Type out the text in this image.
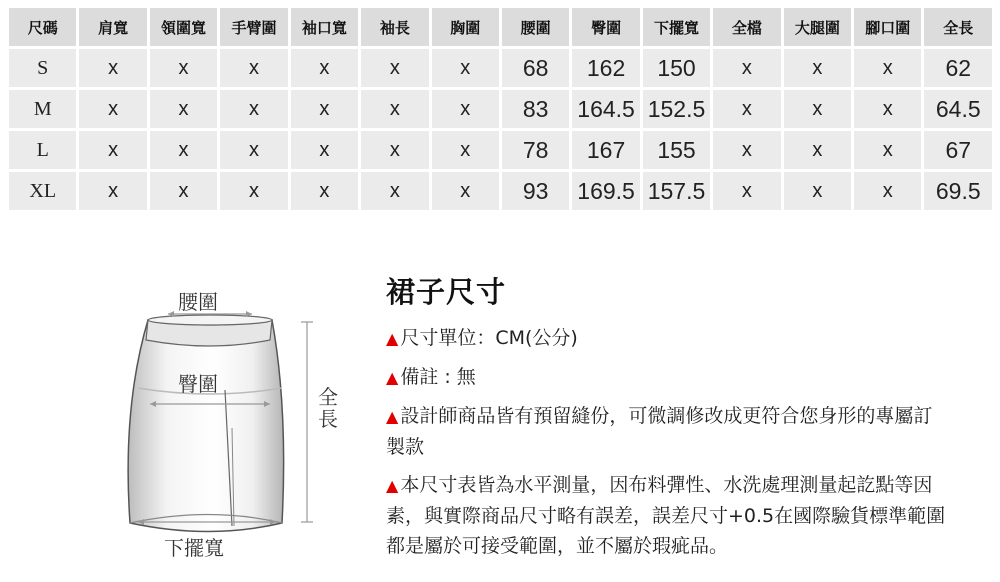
尺碼	肩寬	領圍寬	手臂圍	袖口寬	袖長	胸圍	腰圍	臀圍	下擺寬	全檔	大腿圍	腳口圍	全長
S	x	x	x	x	x	x	68	162	150	x	x	x	62
M	x	x	x	x	x	x	83	164.5	152.5	x	x	x	64.5
L	x	x	x	x	x	x	78	167	155	x	x	x	67
XL	x	x	x	x	x	x	93	169.5	157.5	x	x	x	69.5
腰圍
臀圍
全長
下擺寬
裙子尺寸
▲ 尺寸單位：CM(公分)
▲ 備註 : 無
▲ 設計師商品皆有預留縫份，可微調修改成更符合您身形的專屬訂製款
▲ 本尺寸表皆為水平測量，因布料彈性、水洗處理測量起訖點等因素，與實際商品尺寸略有誤差，誤差尺寸+0.5在國際驗貨標準範圍都是屬於可接受範圍，並不屬於瑕疵品。
